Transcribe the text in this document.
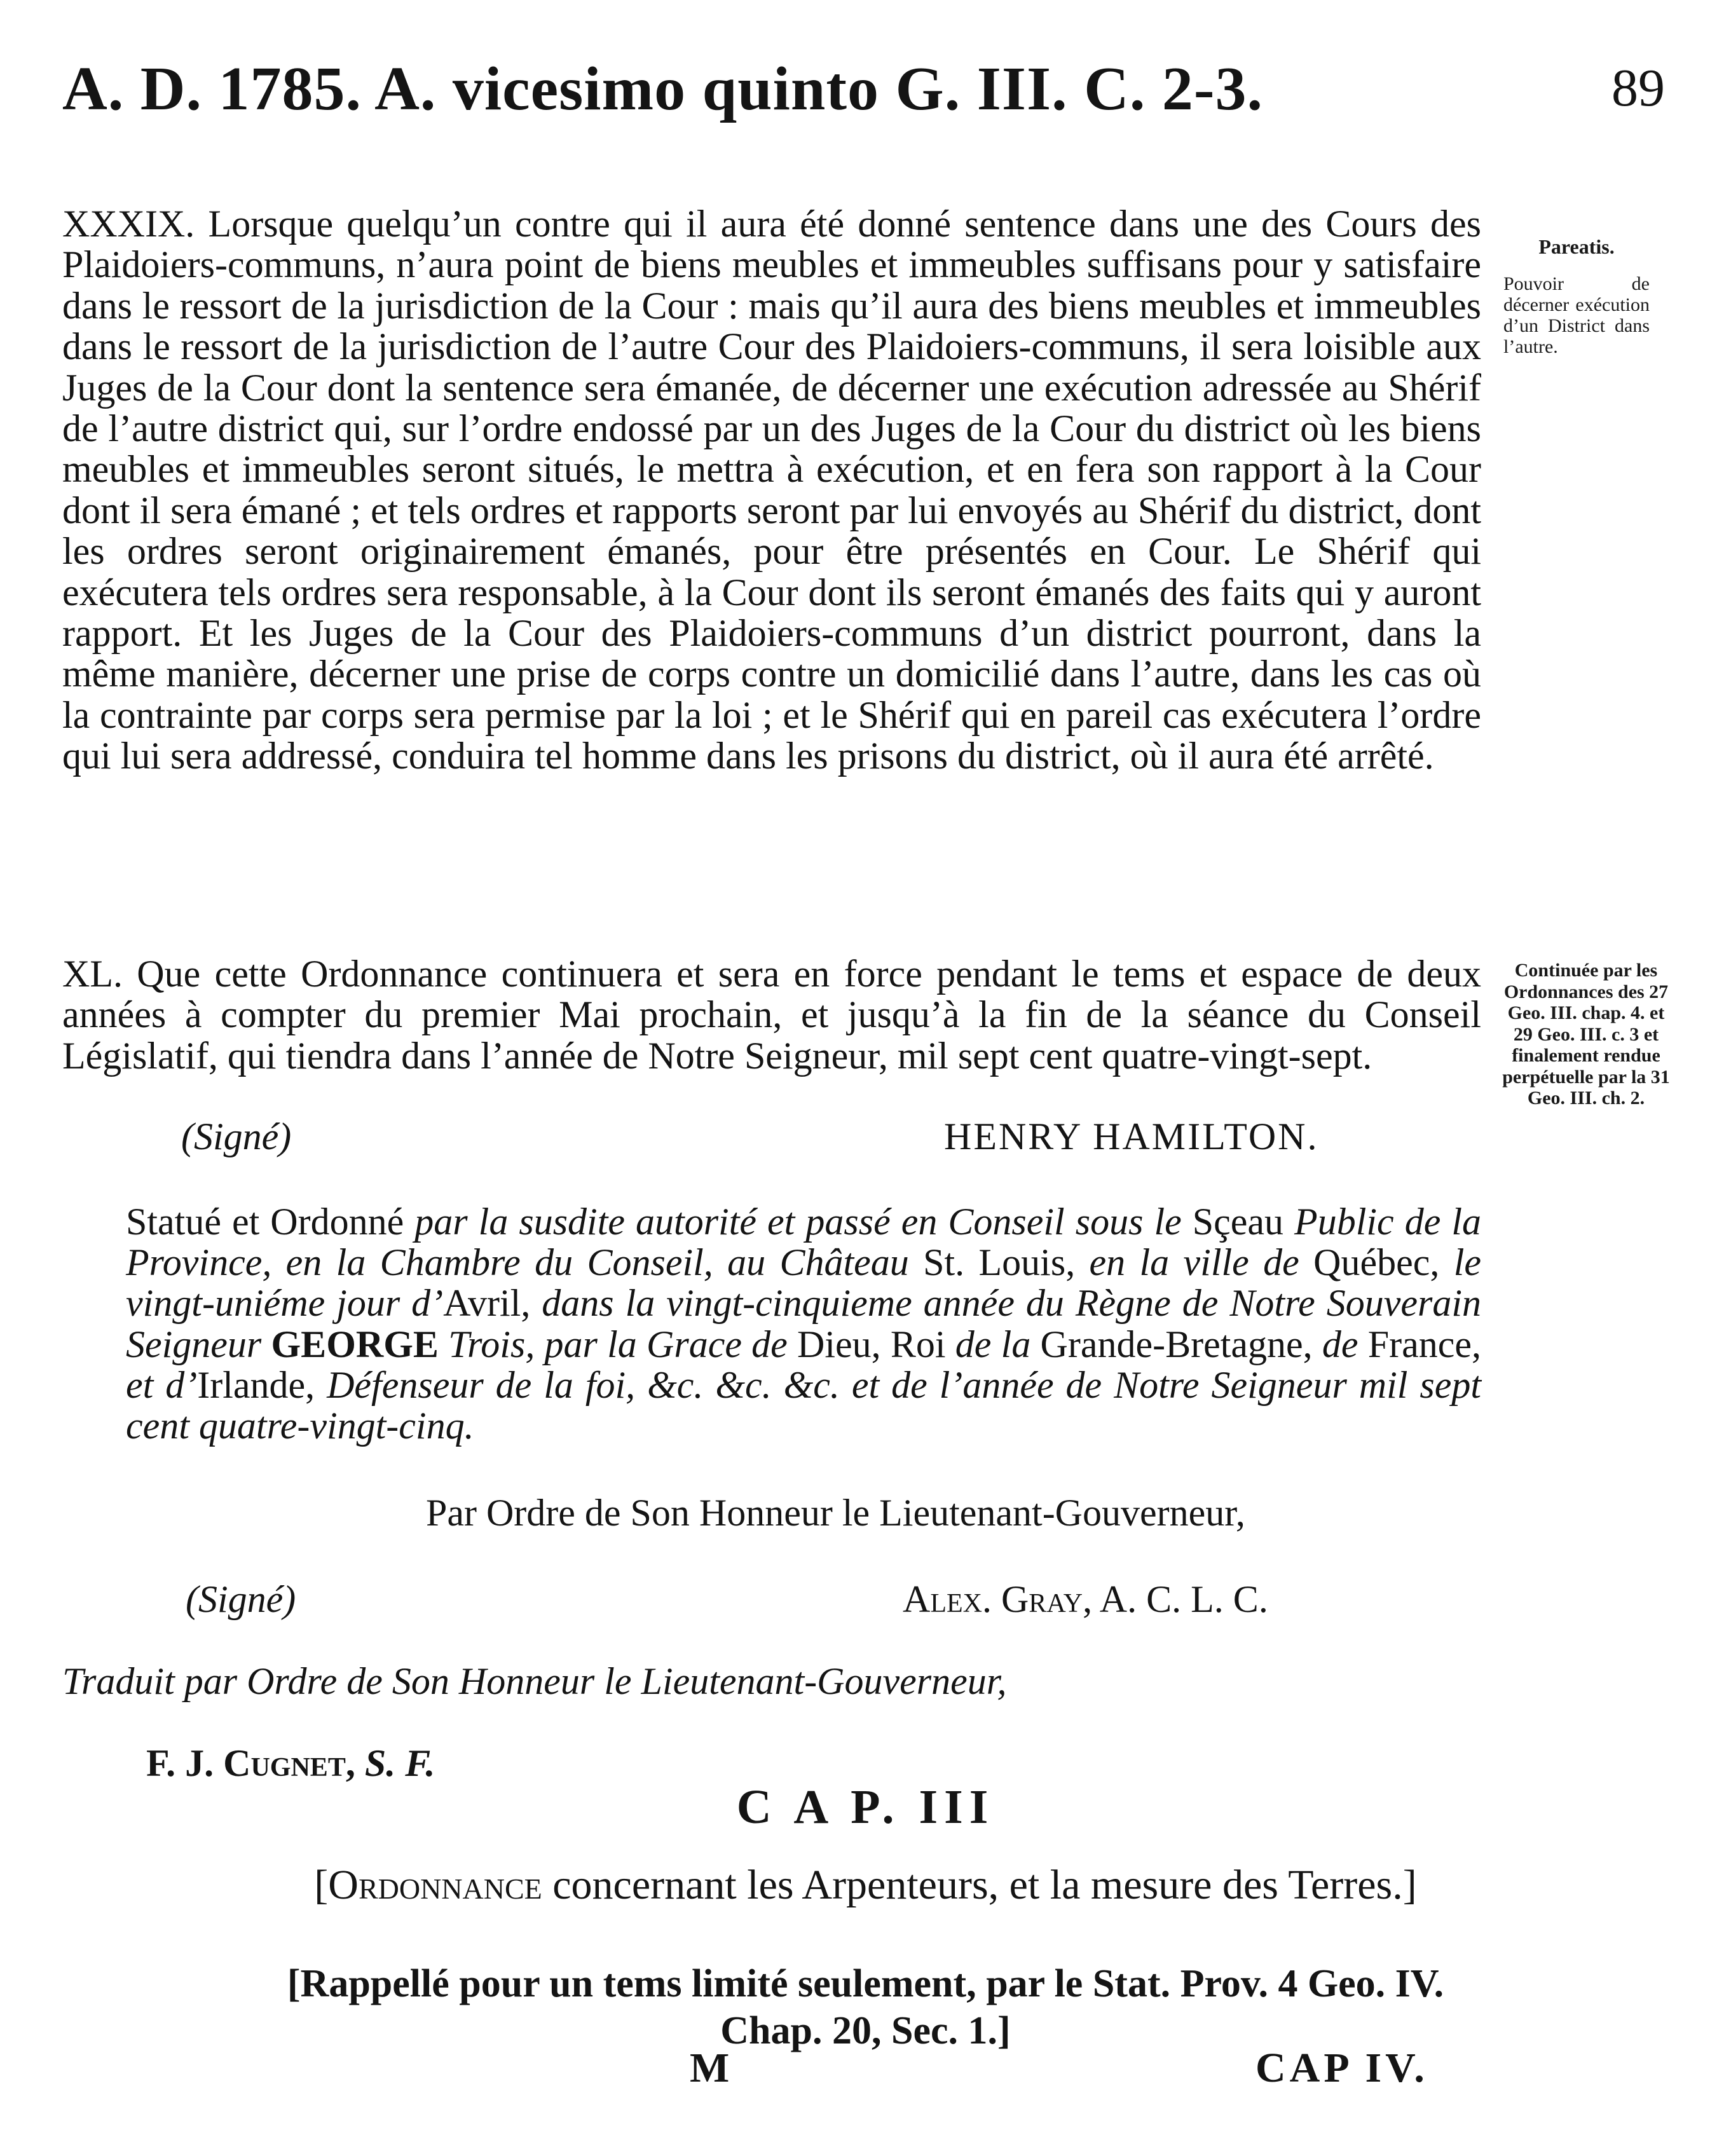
A. D. 1785. A. vicesimo quinto G. III. C. 2-3.	89
XXXIX. Lorsque quelqu’un contre qui il aura été donné sentence dans une des Cours des Plaidoiers-communs, n’aura point de biens meubles et immeubles suffisans pour y satisfaire dans le ressort de la jurisdiction de la Cour : mais qu’il aura des biens meubles et immeubles dans le ressort de la jurisdiction de l’autre Cour des Plaidoiers-communs, il sera loisible aux Juges de la Cour dont la sentence sera émanée, de décerner une exécution adressée au Shérif de l’autre district qui, sur l’ordre endossé par un des Juges de la Cour du district où les biens meubles et immeubles seront situés, le mettra à exécution, et en fera son rapport à la Cour dont il sera émané ; et tels ordres et rapports seront par lui envoyés au Shérif du district, dont les ordres seront originairement émanés, pour être présentés en Cour. Le Shérif qui exécutera tels ordres sera responsable, à la Cour dont ils seront émanés des faits qui y auront rapport. Et les Juges de la Cour des Plaidoiers-communs d’un district pourront, dans la même manière, décerner une prise de corps contre un domicilié dans l’autre, dans les cas où la contrainte par corps sera permise par la loi ; et le Shérif qui en pareil cas exécutera l’ordre qui lui sera addressé, conduira tel homme dans les prisons du district, où il aura été arrêté.
Pareatis.
Pouvoir de décerner exécution d’un District dans l’autre.
XL. Que cette Ordonnance continuera et sera en force pendant le tems et espace de deux années à compter du premier Mai prochain, et jusqu’à la fin de la séance du Conseil Législatif, qui tiendra dans l’année de Notre Seigneur, mil sept cent quatre-vingt-sept.
Continuée par les Ordonnances des 27 Geo. III. chap. 4. et 29 Geo. III. c. 3 et finalement rendue perpétuelle par la 31 Geo. III. ch. 2.
(Signé)	HENRY HAMILTON.
Statué et Ordonné par la susdite autorité et passé en Conseil sous le Sçeau Public de la Province, en la Chambre du Conseil, au Château St. Louis, en la ville de Québec, le vingt-uniéme jour d’Avril, dans la vingt-cinquieme année du Règne de Notre Souverain Seigneur GEORGE Trois, par la Grace de Dieu, Roi de la Grande-Bretagne, de France, et d’Irlande, Défenseur de la foi, &c. &c. &c. et de l’année de Notre Seigneur mil sept cent quatre-vingt-cinq.
Par Ordre de Son Honneur le Lieutenant-Gouverneur,
(Signé)	Alex. Gray, A. C. L. C.
Traduit par Ordre de Son Honneur le Lieutenant-Gouverneur,
F. J. Cugnet, S. F.
C A P. III
[Ordonnance concernant les Arpenteurs, et la mesure des Terres.]
[Rappellé pour un tems limité seulement, par le Stat. Prov. 4 Geo. IV.
Chap. 20, Sec. 1.]
M	CAP IV.
